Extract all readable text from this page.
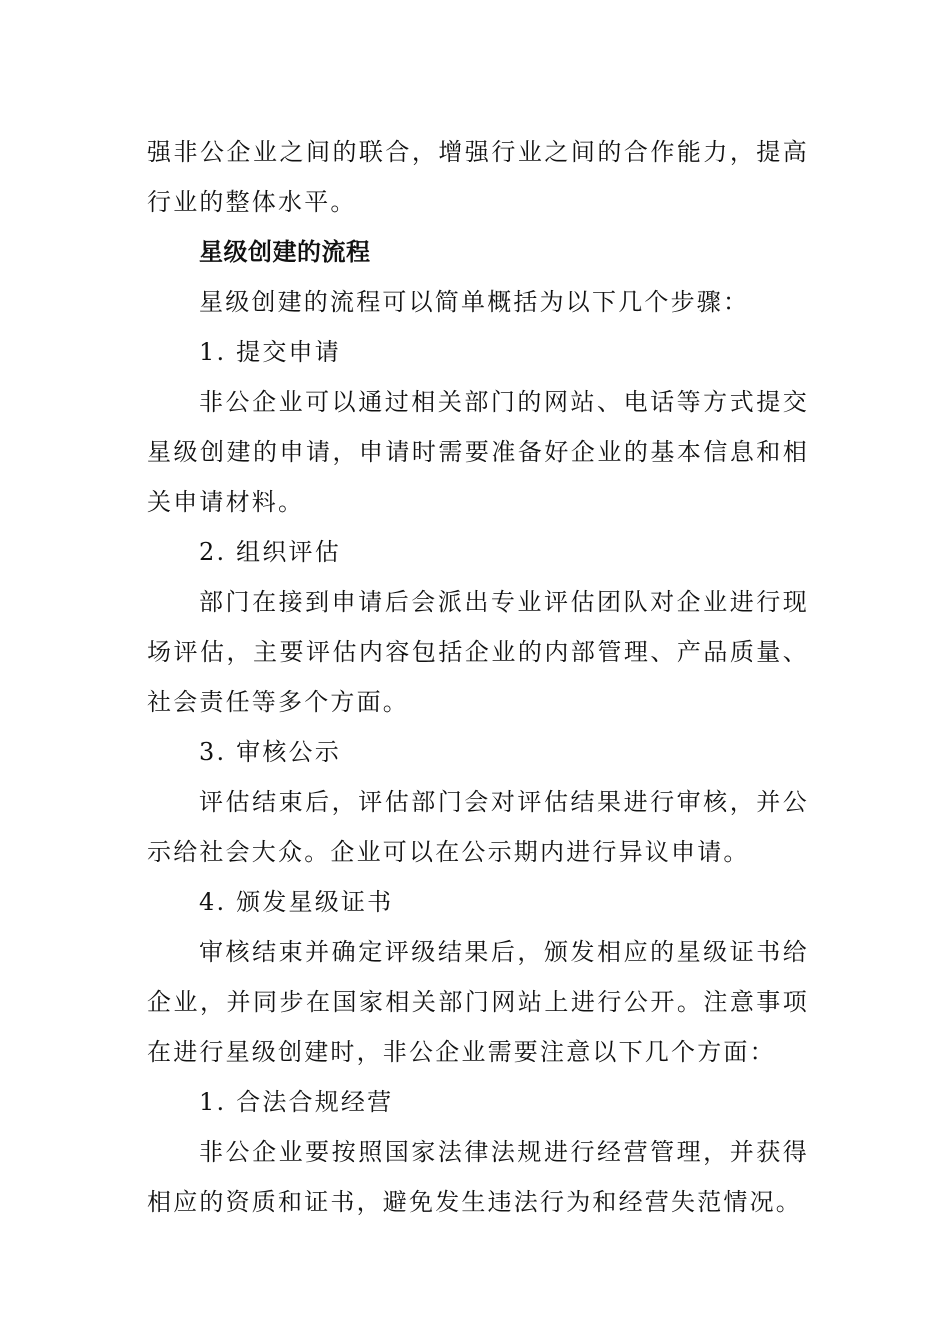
强非公企业之间的联合，增强行业之间的合作能力，提高行业的整体水平。

星级创建的流程

星级创建的流程可以简单概括为以下几个步骤：

1. 提交申请

非公企业可以通过相关部门的网站、电话等方式提交星级创建的申请，申请时需要准备好企业的基本信息和相关申请材料。

2. 组织评估

部门在接到申请后会派出专业评估团队对企业进行现场评估，主要评估内容包括企业的内部管理、产品质量、社会责任等多个方面。

3. 审核公示

评估结束后，评估部门会对评估结果进行审核，并公示给社会大众。企业可以在公示期内进行异议申请。

4. 颁发星级证书

审核结束并确定评级结果后，颁发相应的星级证书给企业，并同步在国家相关部门网站上进行公开。注意事项在进行星级创建时，非公企业需要注意以下几个方面：

1. 合法合规经营

非公企业要按照国家法律法规进行经营管理，并获得相应的资质和证书，避免发生违法行为和经营失范情况。
